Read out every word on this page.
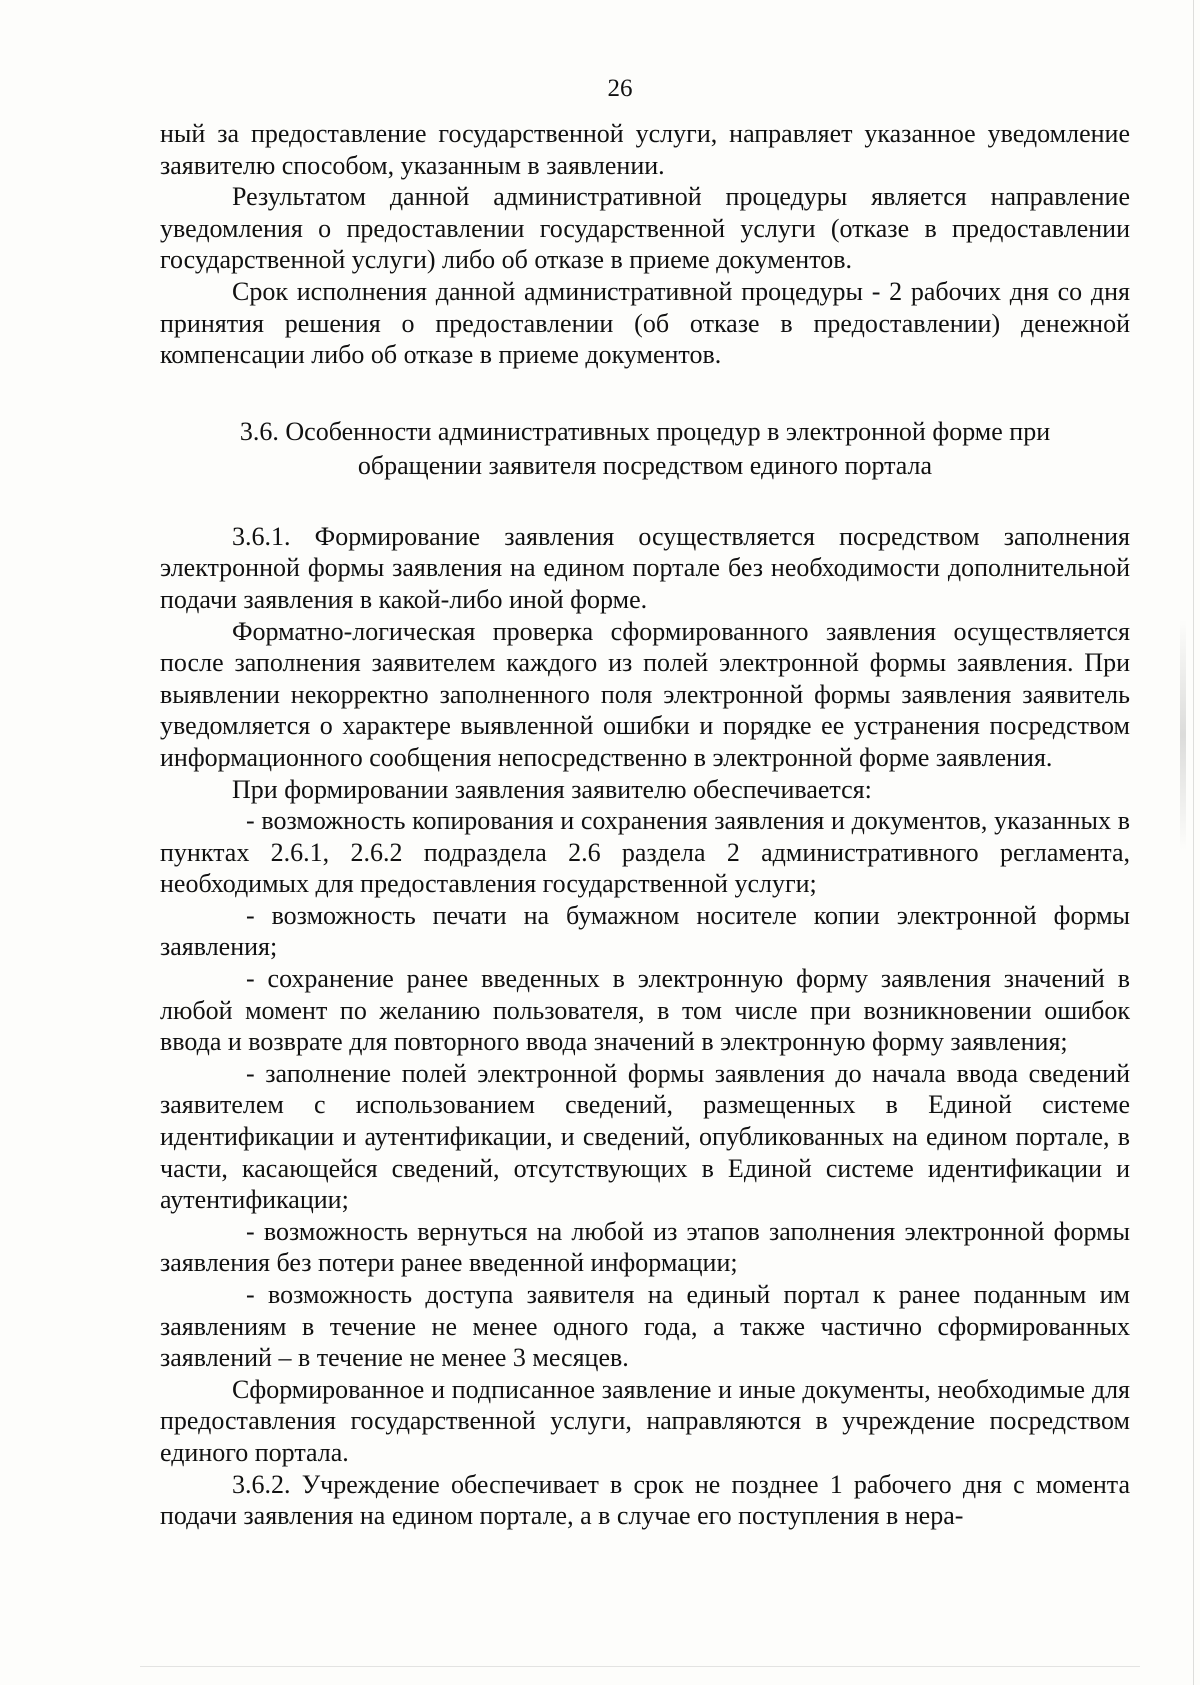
26

ный за предоставление государственной услуги, направляет указанное уведомление заявителю способом, указанным в заявлении.

Результатом данной административной процедуры является направление уведомления о предоставлении государственной услуги (отказе в предоставлении государственной услуги) либо об отказе в приеме документов.

Срок исполнения данной административной процедуры - 2 рабочих дня со дня принятия решения о предоставлении (об отказе в предоставлении) денежной компенсации либо об отказе в приеме документов.

3.6. Особенности административных процедур в электронной форме при
обращении заявителя посредством единого портала

3.6.1. Формирование заявления осуществляется посредством заполнения электронной формы заявления на едином портале без необходимости дополнительной подачи заявления в какой-либо иной форме.

Форматно-логическая проверка сформированного заявления осуществляется после заполнения заявителем каждого из полей электронной формы заявления. При выявлении некорректно заполненного поля электронной формы заявления заявитель уведомляется о характере выявленной ошибки и порядке ее устранения посредством информационного сообщения непосредственно в электронной форме заявления.

При формировании заявления заявителю обеспечивается:

- возможность копирования и сохранения заявления и документов, указанных в пунктах 2.6.1, 2.6.2 подраздела 2.6 раздела 2 административного регламента, необходимых для предоставления государственной услуги;

- возможность печати на бумажном носителе копии электронной формы заявления;

- сохранение ранее введенных в электронную форму заявления значений в любой момент по желанию пользователя, в том числе при возникновении ошибок ввода и возврате для повторного ввода значений в электронную форму заявления;

- заполнение полей электронной формы заявления до начала ввода сведений заявителем с использованием сведений, размещенных в Единой системе идентификации и аутентификации, и сведений, опубликованных на едином портале, в части, касающейся сведений, отсутствующих в Единой системе идентификации и аутентификации;

- возможность вернуться на любой из этапов заполнения электронной формы заявления без потери ранее введенной информации;

- возможность доступа заявителя на единый портал к ранее поданным им заявлениям в течение не менее одного года, а также частично сформированных заявлений – в течение не менее 3 месяцев.

Сформированное и подписанное заявление и иные документы, необходимые для предоставления государственной услуги, направляются в учреждение посредством единого портала.

3.6.2. Учреждение обеспечивает в срок не позднее 1 рабочего дня с момента подачи заявления на едином портале, а в случае его поступления в нера-
